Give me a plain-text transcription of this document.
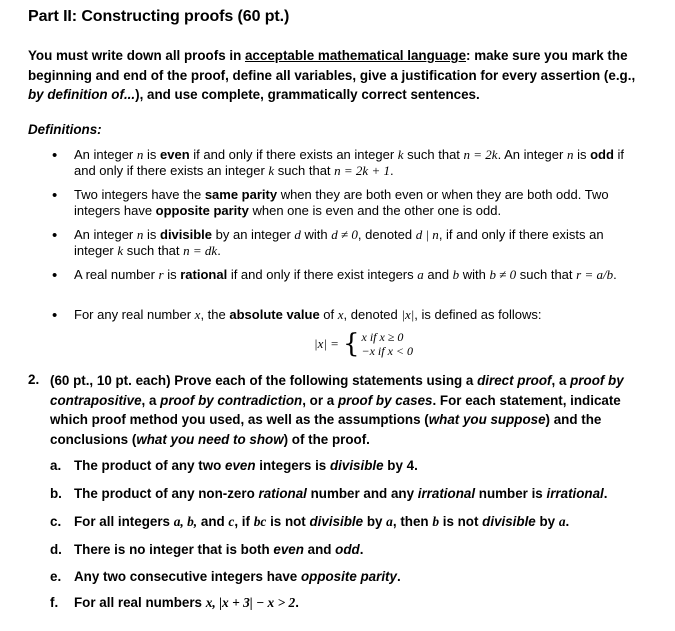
Part II: Constructing proofs (60 pt.)
You must write down all proofs in acceptable mathematical language: make sure you mark the beginning and end of the proof, define all variables, give a justification for every assertion (e.g., by definition of...), and use complete, grammatically correct sentences.
Definitions:
• An integer n is even if and only if there exists an integer k such that n = 2k. An integer n is odd if and only if there exists an integer k such that n = 2k + 1.
• Two integers have the same parity when they are both even or when they are both odd. Two integers have opposite parity when one is even and the other one is odd.
• An integer n is divisible by an integer d with d ≠ 0, denoted d | n, if and only if there exists an integer k such that n = dk.
• A real number r is rational if and only if there exist integers a and b with b ≠ 0 such that r = a/b.
• For any real number x, the absolute value of x, denoted |x|, is defined as follows:
|x| = { x if x ≥ 0
−x if x < 0
2. (60 pt., 10 pt. each) Prove each of the following statements using a direct proof, a proof by contrapositive, a proof by contradiction, or a proof by cases. For each statement, indicate which proof method you used, as well as the assumptions (what you suppose) and the conclusions (what you need to show) of the proof.
a. The product of any two even integers is divisible by 4.
b. The product of any non-zero rational number and any irrational number is irrational.
c. For all integers a, b, and c, if bc is not divisible by a, then b is not divisible by a.
d. There is no integer that is both even and odd.
e. Any two consecutive integers have opposite parity.
f. For all real numbers x, |x + 3| − x > 2.
